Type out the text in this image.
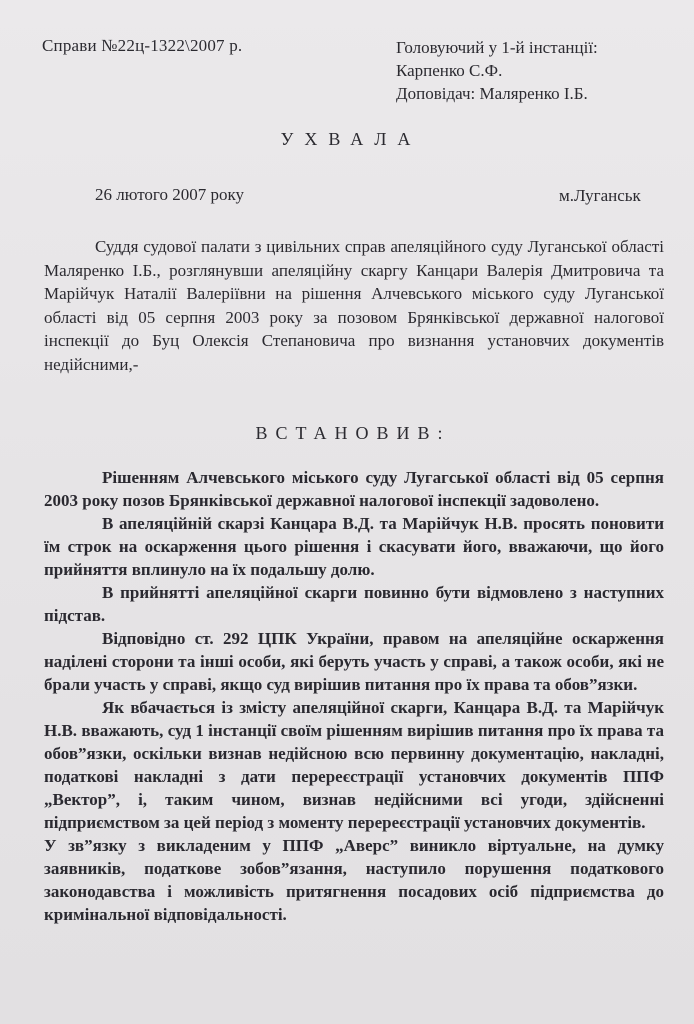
Справи №22ц-1322\2007 р.	Головуючий у 1-й інстанції:
Карпенко С.Ф.
Доповідач: Маляренко І.Б.
УХВАЛА
26 лютого 2007 року	м.Луганськ

Суддя судової палати з цивільних справ апеляційного суду Луганської області Маляренко І.Б., розглянувши апеляційну скаргу Канцари Валерія Дмитровича та Марійчук Наталії Валеріївни на рішення Алчевського міського суду Луганської області від 05 серпня 2003 року за позовом Брянківської державної налогової інспекції до Буц Олексія Степановича про визнання установчих документів недійсними,-

ВСТАНОВИВ:

Рішенням Алчевського міського суду Лугагської області від 05 серпня 2003 року позов Брянківської державної налогової інспекції задоволено.

В апеляційній скарзі Канцара В.Д. та Марійчук Н.В. просять поновити їм строк на оскарження цього рішення і скасувати його, вважаючи, що його прийняття вплинуло на їх подальшу долю.

В прийнятті апеляційної скарги повинно бути відмовлено з наступних підстав.

Відповідно ст. 292 ЦПК України, правом на апеляційне оскарження наділені сторони та інші особи, які беруть участь у справі, а також особи, які не брали участь у справі, якщо суд вирішив питання про їх права та обов”язки.

Як вбачається із змісту апеляційної скарги, Канцара В.Д. та Марійчук Н.В. вважають, суд 1 інстанції своїм рішенням вирішив питання про їх права та обов”язки, оскільки визнав недійсною всю первинну документацію, накладні, податкові накладні з дати перереєстрації установчих документів ППФ „Вектор”, і, таким чином, визнав недійсними всі угоди, здійсненні підприємством за цей період з моменту перереєстрації установчих документів.

У зв”язку з викладеним у ППФ „Аверс” виникло віртуальне, на думку заявників, податкове зобов”язання, наступило порушення податкового законодавства і можливість притягнення посадових осіб підприємства до кримінальної відповідальності.
